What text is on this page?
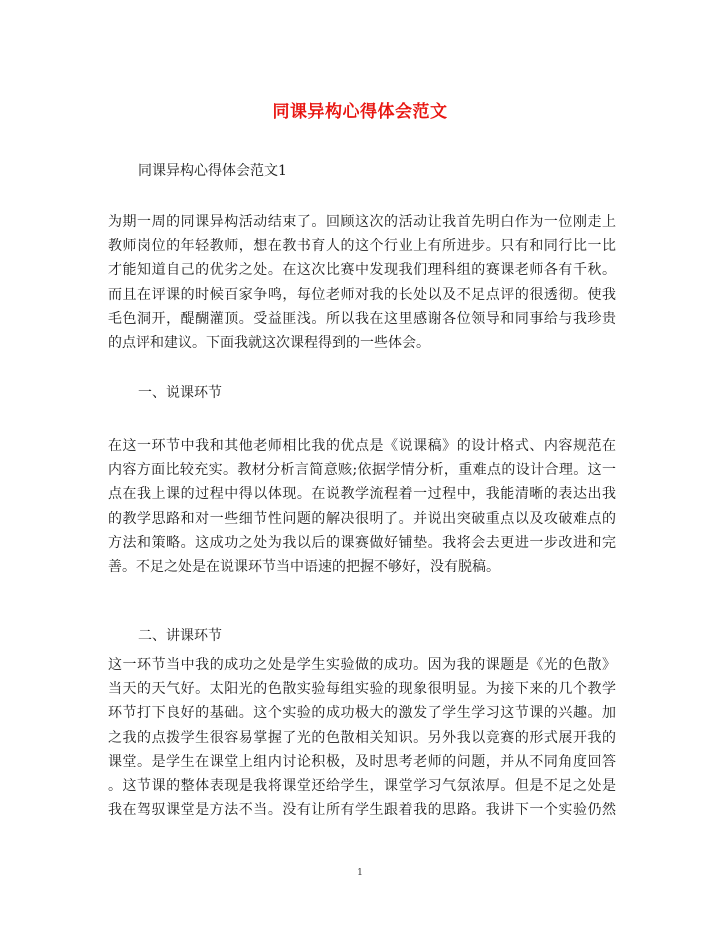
同课异构心得体会范文
同课异构心得体会范文1
为期一周的同课异构活动结束了。回顾这次的活动让我首先明白作为一位刚走上
教师岗位的年轻教师，想在教书育人的这个行业上有所进步。只有和同行比一比
才能知道自己的优劣之处。在这次比赛中发现我们理科组的赛课老师各有千秋。
而且在评课的时候百家争鸣，每位老师对我的长处以及不足点评的很透彻。使我
毛色洞开，醍醐灌顶。受益匪浅。所以我在这里感谢各位领导和同事给与我珍贵
的点评和建议。下面我就这次课程得到的一些体会。
一、说课环节
在这一环节中我和其他老师相比我的优点是《说课稿》的设计格式、内容规范在
内容方面比较充实。教材分析言简意赅;依据学情分析，重难点的设计合理。这一
点在我上课的过程中得以体现。在说教学流程着一过程中，我能清晰的表达出我
的教学思路和对一些细节性问题的解决很明了。并说出突破重点以及攻破难点的
方法和策略。这成功之处为我以后的课赛做好铺垫。我将会去更进一步改进和完
善。不足之处是在说课环节当中语速的把握不够好，没有脱稿。
二、讲课环节
这一环节当中我的成功之处是学生实验做的成功。因为我的课题是《光的色散》
当天的天气好。太阳光的色散实验每组实验的现象很明显。为接下来的几个教学
环节打下良好的基础。这个实验的成功极大的激发了学生学习这节课的兴趣。加
之我的点拨学生很容易掌握了光的色散相关知识。另外我以竞赛的形式展开我的
课堂。是学生在课堂上组内讨论积极，及时思考老师的问题，并从不同角度回答
。这节课的整体表现是我将课堂还给学生，课堂学习气氛浓厚。但是不足之处是
我在驾驭课堂是方法不当。没有让所有学生跟着我的思路。我讲下一个实验仍然
1
